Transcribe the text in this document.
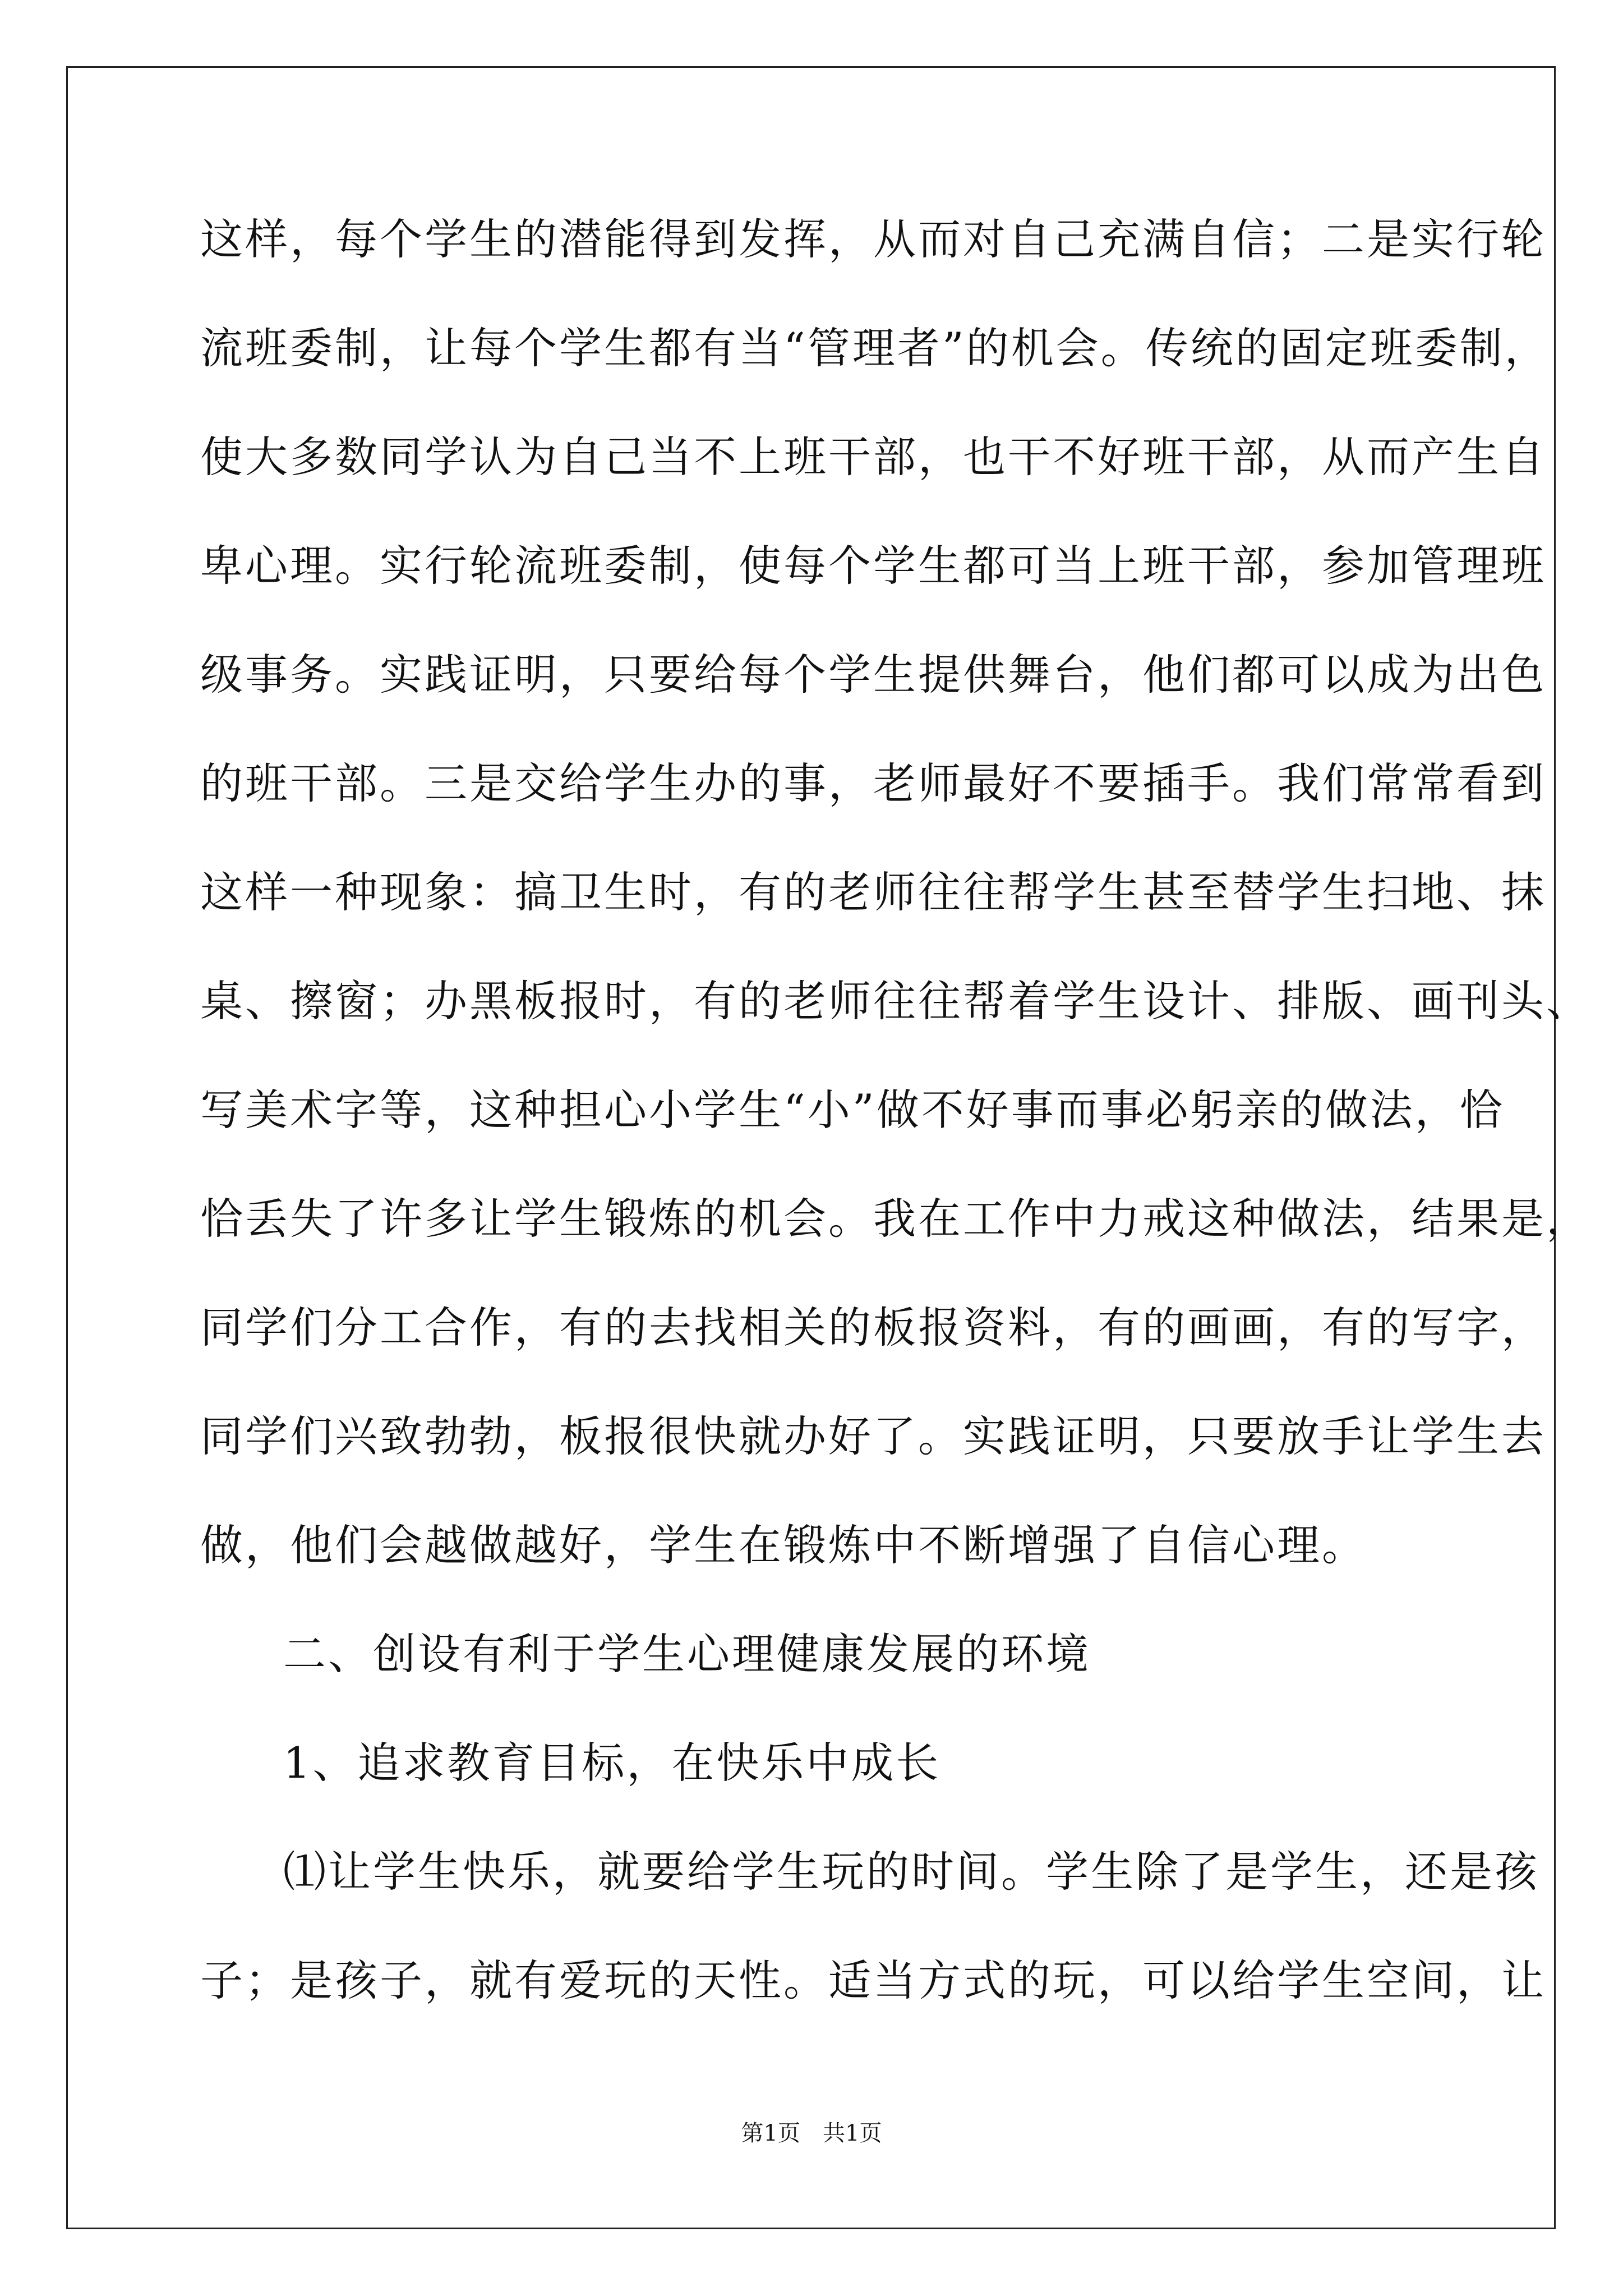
这样，每个学生的潜能得到发挥，从而对自己充满自信；二是实行轮
流班委制，让每个学生都有当“管理者”的机会。传统的固定班委制，
使大多数同学认为自己当不上班干部，也干不好班干部，从而产生自
卑心理。实行轮流班委制，使每个学生都可当上班干部，参加管理班
级事务。实践证明，只要给每个学生提供舞台，他们都可以成为出色
的班干部。三是交给学生办的事，老师最好不要插手。我们常常看到
这样一种现象：搞卫生时，有的老师往往帮学生甚至替学生扫地、抹
桌、擦窗；办黑板报时，有的老师往往帮着学生设计、排版、画刊头、
写美术字等，这种担心小学生“小”做不好事而事必躬亲的做法，恰
恰丢失了许多让学生锻炼的机会。我在工作中力戒这种做法，结果是，
同学们分工合作，有的去找相关的板报资料，有的画画，有的写字，
同学们兴致勃勃，板报很快就办好了。实践证明，只要放手让学生去
做，他们会越做越好，学生在锻炼中不断增强了自信心理。
二、创设有利于学生心理健康发展的环境
1、追求教育目标，在快乐中成长
⑴让学生快乐，就要给学生玩的时间。学生除了是学生，还是孩
子；是孩子，就有爱玩的天性。适当方式的玩，可以给学生空间，让
第1页　共1页
